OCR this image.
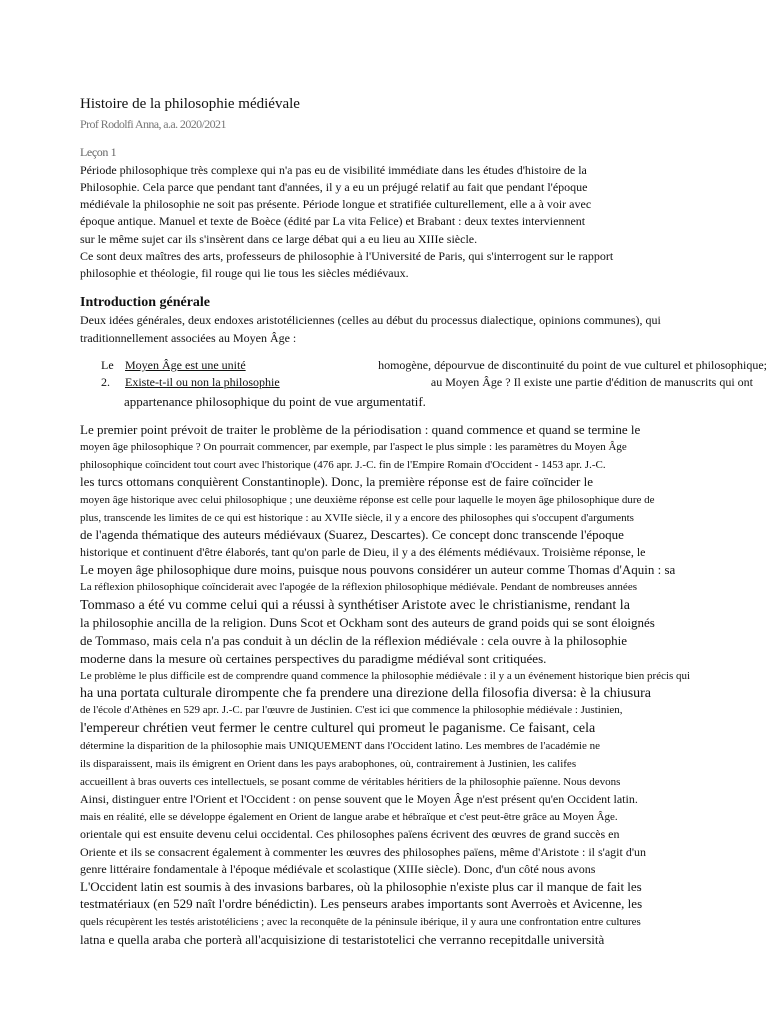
Histoire de la philosophie médiévale
Prof Rodolfi Anna, a.a. 2020/2021
Leçon 1
Période philosophique très complexe qui n'a pas eu de visibilité immédiate dans les études d'histoire de la
Philosophie. Cela parce que pendant tant d'années, il y a eu un préjugé relatif au fait que pendant l'époque
médiévale la philosophie ne soit pas présente. Période longue et stratifiée culturellement, elle a à voir avec
époque antique. Manuel et texte de Boèce (édité par La vita Felice) et Brabant : deux textes interviennent
sur le même sujet car ils s'insèrent dans ce large débat qui a eu lieu au XIIIe siècle.
Ce sont deux maîtres des arts, professeurs de philosophie à l'Université de Paris, qui s'interrogent sur le rapport
philosophie et théologie, fil rouge qui lie tous les siècles médiévaux.
Introduction générale
Deux idées générales, deux endoxes aristotéliciennes (celles au début du processus dialectique, opinions communes), qui
traditionnellement associées au Moyen Âge :
Le Moyen Âge est une unité	homogène, dépourvue de discontinuité du point de vue culturel et philosophique;
2.	Existe-t-il ou non la philosophie	au Moyen Âge ? Il existe une partie d'édition de manuscrits qui ont
appartenance philosophique du point de vue argumentatif.
Le premier point prévoit de traiter le problème de la périodisation : quand commence et quand se termine le
moyen âge philosophique ? On pourrait commencer, par exemple, par l'aspect le plus simple : les paramètres du Moyen Âge
philosophique coïncident tout court avec l'historique (476 apr. J.-C. fin de l'Empire Romain d'Occident - 1453 apr. J.-C.
les turcs ottomans conquièrent Constantinople). Donc, la première réponse est de faire coïncider le
moyen âge historique avec celui philosophique ; une deuxième réponse est celle pour laquelle le moyen âge philosophique dure de
plus, transcende les limites de ce qui est historique : au XVIIe siècle, il y a encore des philosophes qui s'occupent d'arguments
de l'agenda thématique des auteurs médiévaux (Suarez, Descartes). Ce concept donc transcende l'époque
historique et continuent d'être élaborés, tant qu'on parle de Dieu, il y a des éléments médiévaux. Troisième réponse, le
Le moyen âge philosophique dure moins, puisque nous pouvons considérer un auteur comme Thomas d'Aquin : sa
La réflexion philosophique coïnciderait avec l'apogée de la réflexion philosophique médiévale. Pendant de nombreuses années
Tommaso a été vu comme celui qui a réussi à synthétiser Aristote avec le christianisme, rendant la
la philosophie ancilla de la religion. Duns Scot et Ockham sont des auteurs de grand poids qui se sont éloignés
de Tommaso, mais cela n'a pas conduit à un déclin de la réflexion médiévale : cela ouvre à la philosophie
moderne dans la mesure où certaines perspectives du paradigme médiéval sont critiquées.
Le problème le plus difficile est de comprendre quand commence la philosophie médiévale : il y a un événement historique bien précis qui
ha una portata culturale dirompente che fa prendere una direzione della filosofia diversa: è la chiusura
de l'école d'Athènes en 529 apr. J.-C. par l'œuvre de Justinien. C'est ici que commence la philosophie médiévale : Justinien,
l'empereur chrétien veut fermer le centre culturel qui promeut le paganisme. Ce faisant, cela
détermine la disparition de la philosophie mais UNIQUEMENT dans l'Occident latino. Les membres de l'académie ne
ils disparaissent, mais ils émigrent en Orient dans les pays arabophones, où, contrairement à Justinien, les califes
accueillent à bras ouverts ces intellectuels, se posant comme de véritables héritiers de la philosophie païenne. Nous devons
Ainsi, distinguer entre l'Orient et l'Occident : on pense souvent que le Moyen Âge n'est présent qu'en Occident latin.
mais en réalité, elle se développe également en Orient de langue arabe et hébraïque et c'est peut-être grâce au Moyen Âge.
orientale qui est ensuite devenu celui occidental. Ces philosophes païens écrivent des œuvres de grand succès en
Oriente et ils se consacrent également à commenter les œuvres des philosophes païens, même d'Aristote : il s'agit d'un
genre littéraire fondamentale à l'époque médiévale et scolastique (XIIIe siècle). Donc, d'un côté nous avons
L'Occident latin est soumis à des invasions barbares, où la philosophie n'existe plus car il manque de fait les
testmatériaux (en 529 naît l'ordre bénédictin). Les penseurs arabes importants sont Averroès et Avicenne, les
quels récupèrent les testés aristotéliciens ; avec la reconquête de la péninsule ibérique, il y aura une confrontation entre cultures
latna e quella araba che porterà all'acquisizione di testaristotelici che verranno recepitdalle università
